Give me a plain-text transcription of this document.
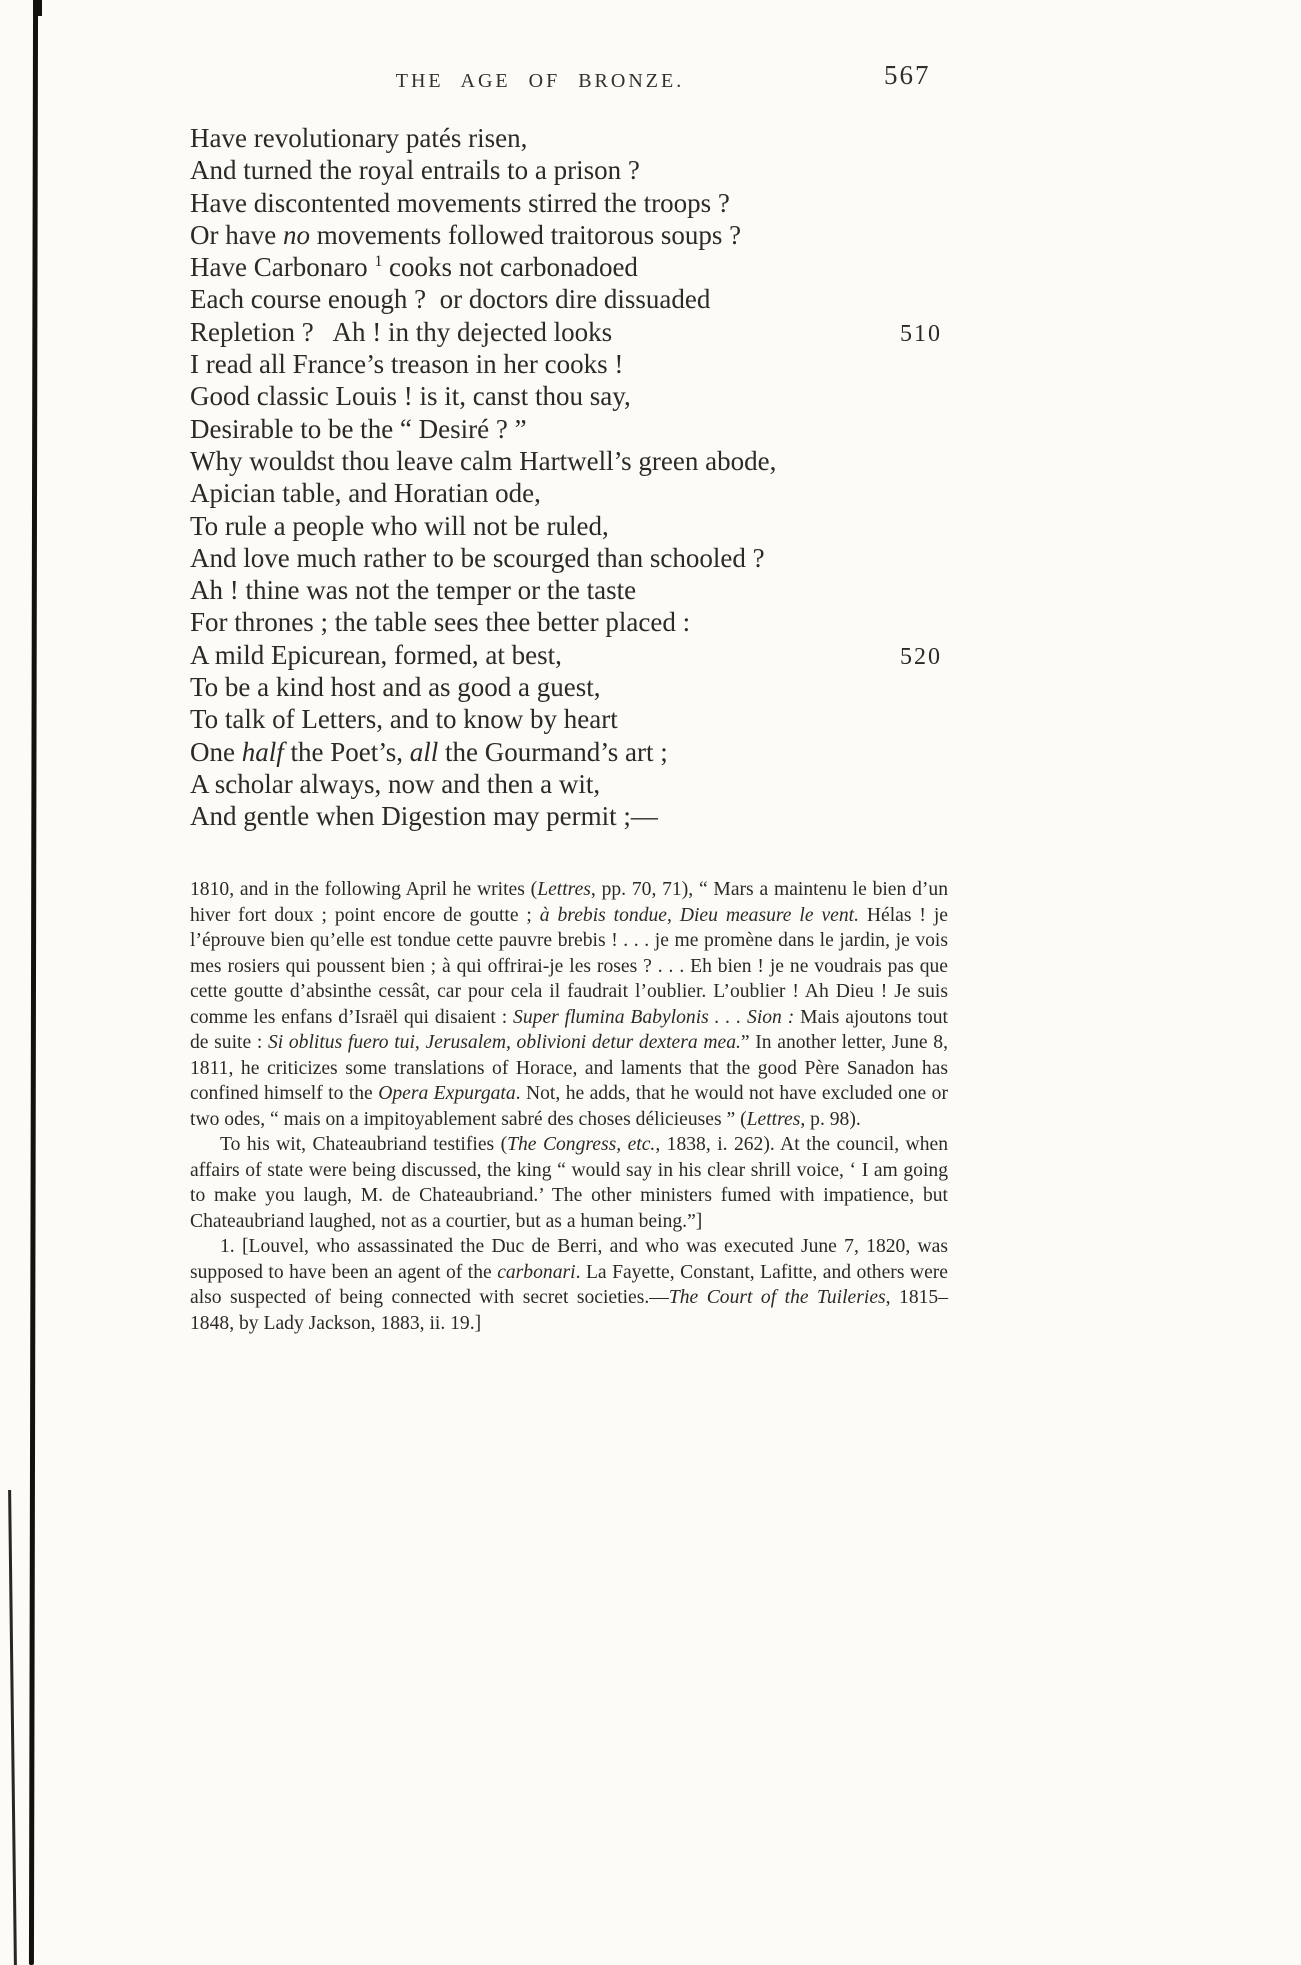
THE AGE OF BRONZE.	567
Have revolutionary patés risen,
And turned the royal entrails to a prison ?
Have discontented movements stirred the troops ?
Or have no movements followed traitorous soups ?
Have Carbonaro $^1$ cooks not carbonadoed
Each course enough ?  or doctors dire dissuaded
Repletion ?   Ah ! in thy dejected looks	510
I read all France’s treason in her cooks !
Good classic Louis ! is it, canst thou say,
Desirable to be the “ Desiré ? ”
Why wouldst thou leave calm Hartwell’s green abode,
Apician table, and Horatian ode,
To rule a people who will not be ruled,
And love much rather to be scourged than schooled ?
Ah ! thine was not the temper or the taste
For thrones ; the table sees thee better placed :
A mild Epicurean, formed, at best,	520
To be a kind host and as good a guest,
To talk of Letters, and to know by heart
One half the Poet’s, all the Gourmand’s art ;
A scholar always, now and then a wit,
And gentle when Digestion may permit ;—

1810, and in the following April he writes (Lettres, pp. 70, 71), “ Mars a maintenu le bien d’un hiver fort doux ; point encore de goutte ; à brebis tondue, Dieu measure le vent. Hélas ! je l’éprouve bien qu’elle est tondue cette pauvre brebis ! . . . je me promène dans le jardin, je vois mes rosiers qui poussent bien ; à qui offrirai-je les roses ? . . . Eh bien ! je ne voudrais pas que cette goutte d’absinthe cessât, car pour cela il faudrait l’oublier. L’oublier ! Ah Dieu ! Je suis comme les enfans d’Israël qui disaient : Super flumina Babylonis . . . Sion : Mais ajoutons tout de suite : Si oblitus fuero tui, Jerusalem, oblivioni detur dextera mea.” In another letter, June 8, 1811, he criticizes some translations of Horace, and laments that the good Père Sanadon has confined himself to the Opera Expurgata. Not, he adds, that he would not have excluded one or two odes, “ mais on a impitoyablement sabré des choses délicieuses ” (Lettres, p. 98).

To his wit, Chateaubriand testifies (The Congress, etc., 1838, i. 262). At the council, when affairs of state were being discussed, the king “ would say in his clear shrill voice, ‘ I am going to make you laugh, M. de Chateaubriand.’ The other ministers fumed with impatience, but Chateaubriand laughed, not as a courtier, but as a human being.”]

1. [Louvel, who assassinated the Duc de Berri, and who was executed June 7, 1820, was supposed to have been an agent of the carbonari. La Fayette, Constant, Lafitte, and others were also suspected of being connected with secret societies.—The Court of the Tuileries, 1815–1848, by Lady Jackson, 1883, ii. 19.]
